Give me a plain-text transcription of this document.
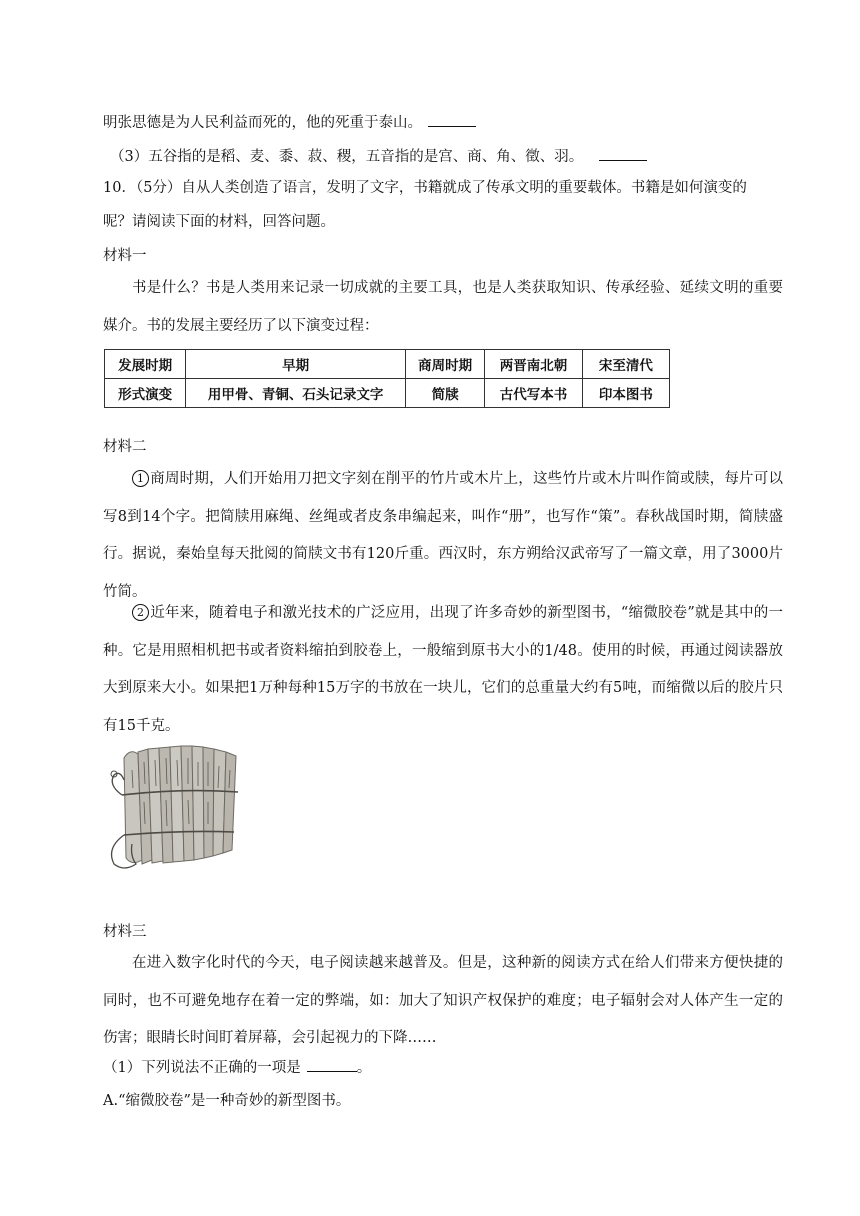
明张思德是为人民利益而死的，他的死重于泰山。
（3）五谷指的是稻、麦、黍、菽、稷，五音指的是宫、商、角、徵、羽。
10．（5分）自从人类创造了语言，发明了文字，书籍就成了传承文明的重要载体。书籍是如何演变的
呢？请阅读下面的材料，回答问题。
材料一
书是什么？书是人类用来记录一切成就的主要工具，也是人类获取知识、传承经验、延续文明的重要媒介。书的发展主要经历了以下演变过程：
发展时期	早期	商周时期	两晋南北朝	宋至清代
形式演变	用甲骨、青铜、石头记录文字	简牍	古代写本书	印本图书
材料二
1 商周时期，人们开始用刀把文字刻在削平的竹片或木片上，这些竹片或木片叫作简或牍，每片可以写8到14个字。把简牍用麻绳、丝绳或者皮条串编起来，叫作“册”，也写作“策”。春秋战国时期，简牍盛行。据说，秦始皇每天批阅的简牍文书有120斤重。西汉时，东方朔给汉武帝写了一篇文章，用了3000片竹简。
2 近年来，随着电子和激光技术的广泛应用，出现了许多奇妙的新型图书，“缩微胶卷”就是其中的一种。它是用照相机把书或者资料缩拍到胶卷上，一般缩到原书大小的1/48。使用的时候，再通过阅读器放大到原来大小。如果把1万种每种15万字的书放在一块儿，它们的总重量大约有5吨，而缩微以后的胶片只有15千克。
材料三
在进入数字化时代的今天，电子阅读越来越普及。但是，这种新的阅读方式在给人们带来方便快捷的同时，也不可避免地存在着一定的弊端，如：加大了知识产权保护的难度；电子辐射会对人体产生一定的伤害；眼睛长时间盯着屏幕，会引起视力的下降……
（1）下列说法不正确的一项是	。
A.“缩微胶卷”是一种奇妙的新型图书。
